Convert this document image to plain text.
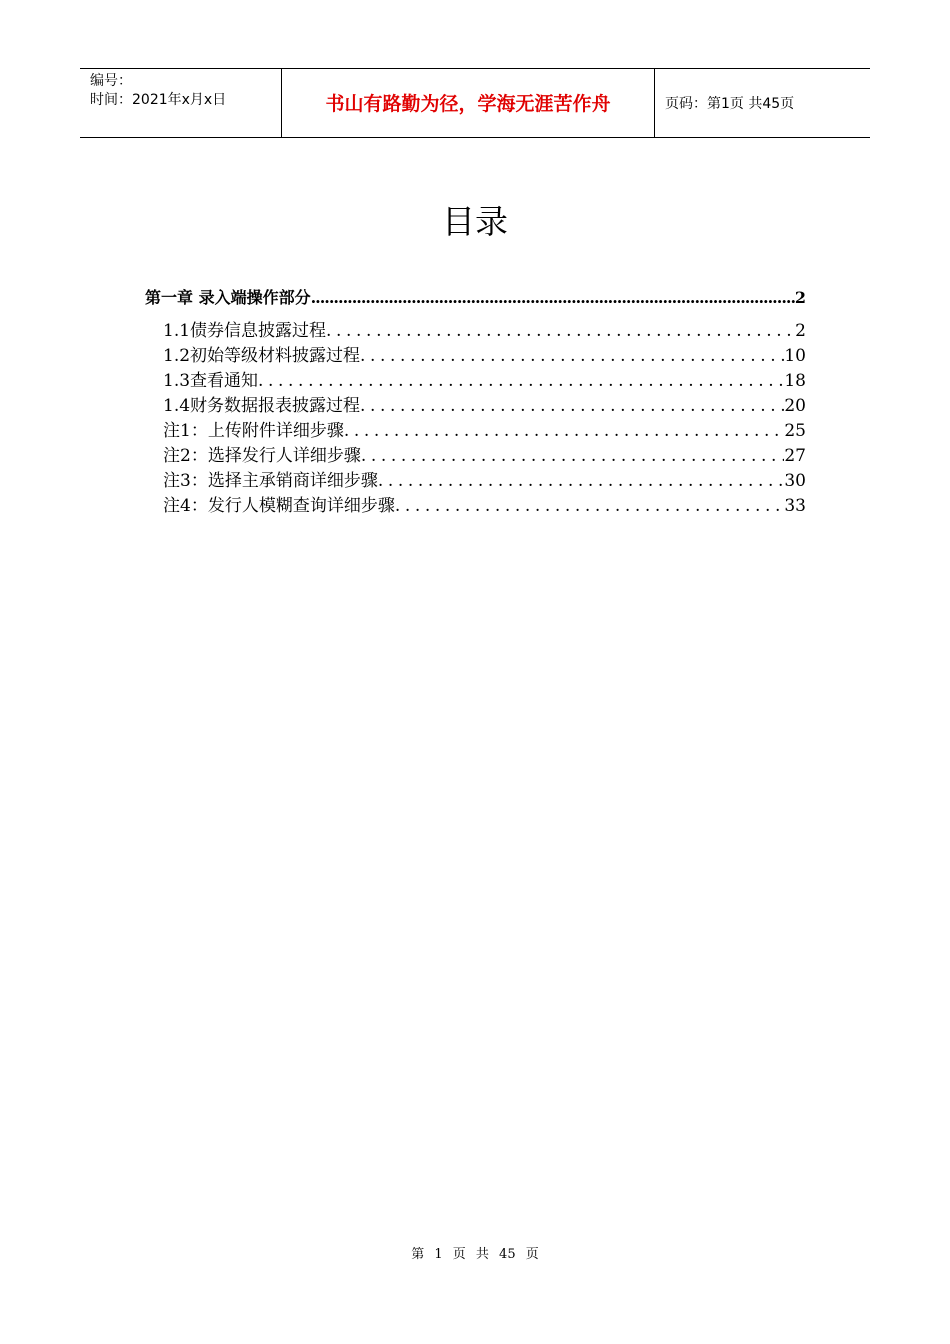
编号：
时间：2021年x月x日	书山有路勤为径，学海无涯苦作舟	页码：第1页 共45页
目录
第一章 录入端操作部分 .....	2
1.1债券信息披露过程 .....	2
1.2初始等级材料披露过程 .....	10
1.3查看通知 .....	18
1.4财务数据报表披露过程 .....	20
注1：上传附件详细步骤 .....	25
注2：选择发行人详细步骤 .....	27
注3：选择主承销商详细步骤 .....	30
注4：发行人模糊查询详细步骤 .....	33
第 1 页 共 45 页
